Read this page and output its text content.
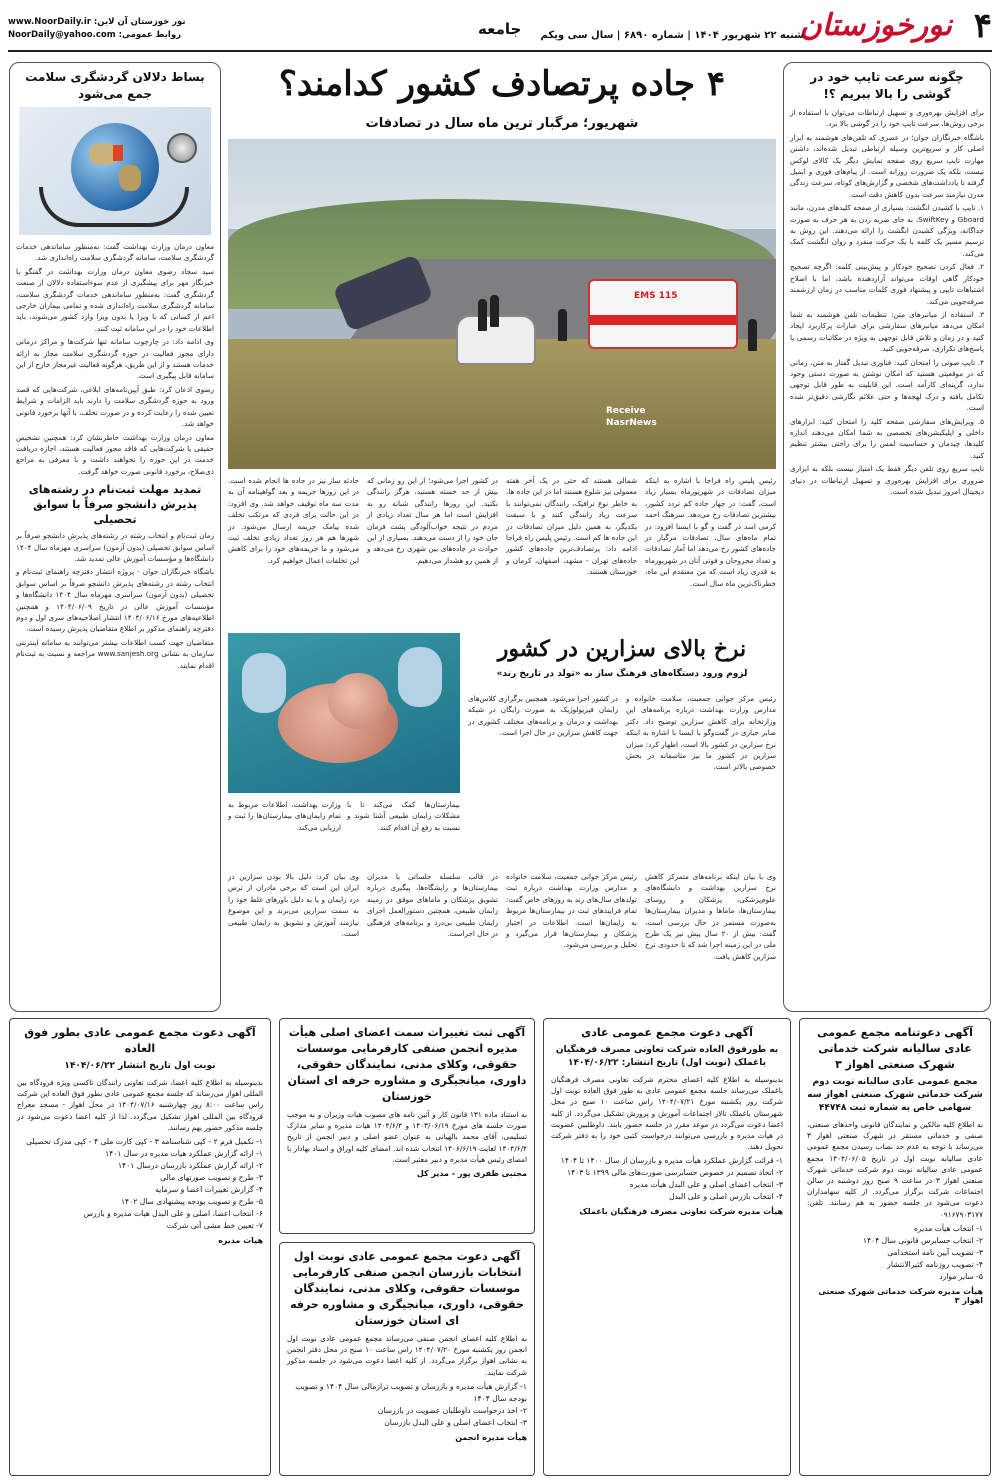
۴
نورخوزستان
شنبه ۲۲ شهریور ۱۴۰۴ | شماره ۶۸۹۰ | سال سی ویکم
جامعه
نور خوزستان آن لاین: www.NoorDaily.ir
روابط عمومی: NoorDaily@yahoo.com
چگونه سرعت تایپ خود در گوشی را بالا ببریم ؟!

برای افزایش بهره‌وری و تسهیل ارتباطات می‌توان با استفاده از برخی روش‌ها، سرعت تایپ خود را در گوشی بالا برد.

باشگاه خبرنگاران جوان؛ در عصری که تلفن‌های هوشمند به ابزار اصلی کار و سریع‌ترین وسیله ارتباطی تبدیل شده‌اند، داشتن مهارت تایپ سریع روی صفحه نمایش دیگر یک کالای لوکس نیست، بلکه یک ضرورت روزانه است. از پیام‌های فوری و ایمیل گرفته تا یادداشت‌های شخصی و گزارش‌های کوتاه، سرعت زندگی مدرن نیازمند سرعت بدون کاهش دقت است.

۱. تایپ با کشیدن انگشت: بسیاری از صفحه کلیدهای مدرن، مانند Gboard و SwiftKey، به جای ضربه زدن به هر حرف به صورت جداگانه، ویژگی کشیدن انگشت را ارائه می‌دهند. این روش به ترسیم مسیر یک کلمه با یک حرکت منفرد و روان انگشت کمک می‌کند.

۲. فعال کردن تصحیح خودکار و پیش‌بینی کلمه: اگرچه تصحیح خودکار گاهی اوقات می‌تواند آزاردهنده باشد، اما با اصلاح اشتباهات تایپی و پیشنهاد فوری کلمات مناسب در زمان ارزشمند صرفه‌جویی می‌کند.

۳. استفاده از میانبرهای متن: تنظیمات تلفن هوشمند به شما امکان می‌دهد میانبرهای سفارشی برای عبارات پرکاربرد ایجاد کنید و در زمان و تلاش قابل توجهی به ویژه در مکاتبات رسمی یا پاسخ‌های تکراری، صرفه‌جویی کنید.

۴. تایپ صوتی را امتحان کنید: فناوری تبدیل گفتار به متن، زمانی که در موقعیتی هستید که امکان نوشتن به صورت دستی وجود ندارد، گزینه‌ای کارآمد است. این قابلیت به طور قابل توجهی تکامل یافته و درک لهجه‌ها و حتی علائم نگارشی دقیق‌تر شده است.

۵. ویرایش‌های سفارشی صفحه کلید را امتحان کنید: ابزارهای داخلی و اپلیکیشن‌های تخصصی به شما امکان می‌دهند اندازه کلیدها، چیدمان و حساسیت لمس را برای راحتی بیشتر تنظیم کنید.

تایپ سریع روی تلفن دیگر فقط یک امتیاز نیست بلکه به ابزاری ضروری برای افزایش بهره‌وری و تسهیل ارتباطات در دنیای دیجیتال امروز تبدیل شده است.

بساط دلالان گردشگری سلامت جمع می‌شود

معاون درمان وزارت بهداشت گفت: به‌منظور ساماندهی خدمات گردشگری سلامت، سامانه گردشگری سلامت راه‌اندازی شد.

سید سجاد رضوی معاون درمان وزارت بهداشت در گفتگو با خبرنگار مهر برای پیشگیری از عدم سوءاستفاده دلالان از صنعت گردشگری گفت: به‌منظور ساماندهی خدمات گردشگری سلامت، سامانه گردشگری سلامت راه‌اندازی شده و تمامی بیماران خارجی اعم از کسانی که با ویزا یا بدون ویزا وارد کشور می‌شوند، باید اطلاعات خود را در این سامانه ثبت کنند.

وی ادامه داد: در چارچوب سامانه تنها شرکت‌ها و مراکز درمانی دارای مجوز فعالیت در حوزه گردشگری سلامت مجاز به ارائه خدمات هستند و از این طریق، هرگونه فعالیت غیرمجاز خارج از این سامانه قابل پیگیری است.

رضوی اذعان کرد: طبق آیین‌نامه‌های ابلاغی، شرکت‌هایی که قصد ورود به حوزه گردشگری سلامت را دارند باید الزامات و شرایط تعیین شده را رعایت کرده و در صورت تخلف، با آنها برخورد قانونی خواهد شد.

معاون درمان وزارت بهداشت خاطرنشان کرد: همچنین تشخیص حقیقی یا شرکت‌هایی که فاقد مجوز فعالیت هستند، اجازه دریافت خدمت در این حوزه را نخواهند داشت و با معرفی به مراجع ذی‌صلاح، برخورد قانونی صورت خواهد گرفت.

تمدید مهلت ثبت‌نام در رشته‌های پذیرش دانشجو صرفاً با سوابق تحصیلی

زمان ثبت‌نام و انتخاب رشته در رشته‌های پذیرش دانشجو صرفاً بر اساس سوابق تحصیلی (بدون آزمون) سراسری مهرماه سال ۱۴۰۴ دانشگاه‌ها و مؤسسات آموزش عالی تمدید شد.

باشگاه خبرنگاران جوان - پروژه انتشار دفترچه راهنمای ثبت‌نام و انتخاب رشته در رشته‌های پذیرش دانشجو صرفاً بر اساس سوابق تحصیلی (بدون آزمون) سراسری مهرماه سال ۱۴۰۴ دانشگاه‌ها و مؤسسات آموزش عالی در تاریخ ۱۴۰۴/۰۶/۰۹ و همچنین اطلاعیه‌های مورخ ۱۴۰۴/۰۶/۱۶ انتشار اصلاحیه‌های سری اول و دوم دفترچه راهنمای مذکور بر اطلاع متقاضیان پذیرش رسیده است.

متقاضیان جهت کسب اطلاعات بیشتر می‌توانند به سامانه اینترنتی سازمان به نشانی www.sanjesh.org مراجعه و نسبت به ثبت‌نام اقدام نمایند.

۴ جاده پرتصادف کشور کدامند؟
شهریور؛ مرگبار ترین ماه سال در تصادفات
EMS 115
Receive
NasrNews
رئیس پلیس راه فراجا با اشاره به اینکه میزان تصادفات در شهریورماه بسیار زیاد است، گفت: در چهار جاده کم تردد کشور، بیشترین تصادفات رخ می‌دهد. سرهنگ احمد کرمی اسد در گفت و گو با ایسنا افزود: در تمام ماه‌های سال، تصادفات مرگبار در جاده‌های کشور رخ می‌دهد اما آمار تصادفات و تعداد مجروحان و فوتی آنان در شهریورماه به قدری زیاد است که من معتقدم این ماه، خطرناک‌ترین ماه سال است.
شمالی هستند که حتی در یک آخر هفته معمولی نیز شلوغ هستند اما در این جاده ها، به خاطر نوع ترافیک، رانندگان نمی‌توانند با سرعت زیاد رانندگی کنند و با سبقت یکدیگر، به همین دلیل میزان تصادفات در این جاده ها کم است. رئیس پلیس راه فراجا ادامه داد: پرتصادف‌ترین جاده‌های کشور جاده‌های تهران - مشهد، اصفهان، کرمان و خوزستان هستند.
در کشور اجرا می‌شود؛ از این رو زمانی که بیش از حد خسته هستید، هرگز رانندگی نکنید. این روزها رانندگی شبانه رو به افزایش است اما هر سال تعداد زیادی از مردم در نتیجه خواب‌آلودگی پشت فرمان جان خود را از دست می‌دهند. بسیاری از این حوادث در جاده‌های بین شهری رخ می‌دهد و از همین رو هشدار می‌دهیم.
حادثه ساز نیز در جاده ها انجام شده است. در این روزها جریمه و بعد گواهینامه آن به مدت سه ماه توقیف خواهد شد. وی افزود: در این حالت برای فردی که مرتکب تخلف شده پیامک جریمه ارسال می‌شود. در شهرها هم هر روز تعداد زیادی تخلف ثبت می‌شود و ما جریمه‌های خود را برای کاهش این تخلفات اعمال خواهیم کرد.
نرخ بالای سزارین در کشور
لزوم ورود دستگاه‌های فرهنگ ساز به «تولد در تاریخ رند»
رئیس مرکز جوانی جمعیت، سلامت خانواده و مدارس وزارت بهداشت درباره برنامه‌های این وزارتخانه برای کاهش سزارین توضیح داد. دکتر صابر جباری در گفت‌وگو با ایسنا با اشاره به اینکه نرخ سزارین در کشور بالا است، اظهار کرد: میزان سزارین در کشور ما نیز متاسفانه در بخش خصوصی بالاتر است.
در کشور اجرا می‌شود. همچنین برگزاری کلاس‌های زایمان فیزیولوژیک به صورت رایگان در شبکه بهداشت و درمان و برنامه‌های مختلف کشوری در جهت کاهش سزارین در حال اجرا است.
بیمارستان‌ها کمک می‌کند تا با مشکلات زایمان طبیعی آشنا شوند و نسبت به رفع آن اقدام کنند.
وزارت بهداشت، اطلاعات مربوط به تمام زایمان‌های بیمارستان‌ها را ثبت و ارزیابی می‌کند.
وی با بیان اینکه برنامه‌های متمرکز کاهش نرخ سزارین بهداشت و دانشگاه‌های علوم‌پزشکی، پزشکان و روسای بیمارستان‌ها، ماماها و مدیران بیمارستان‌ها به‌صورت مستمر در حال بررسی است، گفت: بیش از ۲۰ سال پیش نیز یک طرح ملی در این زمینه اجرا شد که تا حدودی نرخ سزارین کاهش یافت.
رئیس مرکز جوانی جمعیت، سلامت خانواده و مدارس وزارت بهداشت درباره ثبت تولدهای سال‌های رند به روزهای خاص گفت: تمام فرایندهای ثبت در بیمارستان‌ها مربوط به زایمان‌ها است. اطلاعات در اختیار پزشکان و بیمارستان‌ها قرار می‌گیرد و تحلیل و بررسی می‌شود.
در قالب سلسله جلساتی با مدیران بیمارستان‌ها و زایشگاه‌ها، پیگیری درباره تشویق پزشکان و ماماهای موفق در زمینه زایمان طبیعی، همچنین دستورالعمل اجرای زایمان طبیعی بی‌درد و برنامه‌های فرهنگی در حال اجراست.
وی بیان کرد: دلیل بالا بودن سزارین در ایران این است که برخی مادران از ترس درد زایمان و یا به دلیل باورهای غلط خود را به سمت سزارین می‌برند و این موضوع نیازمند آموزش و تشویق به زایمان طبیعی است.
آگهی دعوتنامه مجمع عمومی عادی سالیانه شرکت خدماتی شهرک صنعتی اهواز ۳
مجمع عمومی عادی سالیانه نوبت دوم شرکت خدماتی شهرک صنعتی اهواز سه سهامی خاص به شماره ثبت ۴۴۷۴۸
به اطلاع کلیه مالکین و نمایندگان قانونی واحدهای صنعتی، صنفی و خدماتی مستقر در شهرک صنعتی اهواز ۳ می‌رساند با توجه به عدم حد نصاب رسیدن مجمع عمومی عادی سالیانه نوبت اول در تاریخ ۱۴۰۴/۰۶/۰۵ مجمع عمومی عادی سالیانه نوبت دوم شرکت خدماتی شهرک صنعتی اهواز ۳ در ساعت ۹ صبح روز دوشنبه در سالن اجتماعات شرکت برگزار می‌گردد. از کلیه سهامداران دعوت می‌شود در جلسه حضور به هم رسانند. تلفن: ۰۹۱۶۷۹۰۳۱۷۷
۱- انتخاب هیأت مدیره
۲- انتخاب حسابرس قانونی سال ۱۴۰۴
۳- تصویب آیین نامه استخدامی
۴- تصویب روزنامه کثیرالانتشار
۵- سایر موارد
هیأت مدیره شرکت خدماتی شهرک صنعتی اهواز ۳
آگهی دعوت مجمع عمومی عادی
به طورفوق العاده شرکت تعاونی مصرف فرهنگیان باغملک (نوبت اول) تاریخ انتشار: ۱۴۰۴/۰۶/۲۲
بدینوسیله به اطلاع کلیه اعضای محترم شرکت تعاونی مصرف فرهنگیان باغملک می‌رساند جلسه مجمع عمومی عادی به طور فوق العاده نوبت اول شرکت روز یکشنبه مورخ ۱۴۰۴/۰۷/۲۱ راس ساعت ۱۰ صبح در محل شهرستان باغملک تالار اجتماعات آموزش و پرورش تشکیل می‌گردد. از کلیه اعضا دعوت می‌گردد در موعد مقرر در جلسه حضور یابند. داوطلبین عضویت در هیأت مدیره و بازرسی می‌توانند درخواست کتبی خود را به دفتر شرکت تحویل دهند.
۱- قرائت گزارش عملکرد هیأت مدیره و بازرسان از سال ۱۴۰۰ تا ۱۴۰۴
۲- اتخاذ تصمیم در خصوص حسابرسی صورت‌های مالی ۱۳۹۹ تا ۱۴۰۳
۳- انتخاب اعضای اصلی و علی البدل هیأت مدیره
۴- انتخاب بازرس اصلی و علی البدل
هیأت مدیره شرکت تعاونی مصرف فرهنگیان باغملک
آگهی ثبت تغییرات سمت اعضای اصلی هیأت مدیره انجمن صنفی کارفرمایی موسسات حقوقی، وکلای مدنی، نمایندگان حقوقی، داوری، میانجیگری و مشاوره حرفه ای استان خوزستان
به استناد ماده ۱۳۱ قانون کار و آئین نامه های مصوب هیات وزیران و به موجب صورت جلسه های مورخ ۱۴۰۳/۰۶/۱۹ و ۱۴۰۴/۶/۴ هیات مدیره و سایر مدارک تسلیمی، آقای محمد بالهیانی به عنوان عضو اصلی و دبیر انجمن از تاریخ ۱۴۰۴/۶/۴ لغایت ۱۴۰۶/۶/۱۹ انتخاب شده اند. امضای کلیه اوراق و اسناد بهادار با امضای رئیس هیأت مدیره و دبیر معتبر است.
مجتبی ظفری پور - مدیر کل
آگهی دعوت مجمع عمومی عادی نوبت اول انتخابات بازرسان انجمن صنفی کارفرمایی موسسات حقوقی، وکلای مدنی، نمایندگان حقوقی، داوری، میانجیگری و مشاوره حرفه ای استان خوزستان
به اطلاع کلیه اعضای انجمن صنفی می‌رساند مجمع عمومی عادی نوبت اول انجمن روز یکشنبه مورخ ۱۴۰۴/۰۷/۲۰ راس ساعت ۱۰ صبح در محل دفتر انجمن به نشانی اهواز برگزار می‌گردد. از کلیه اعضا دعوت می‌شود در جلسه مذکور شرکت نمایند.
۱- گزارش هیأت مدیره و بازرسان و تصویب ترازمالی سال ۱۴۰۴ و تصویب بودجه سال ۱۴۰۴
۲- اخذ درخواست داوطلبان عضویت در بازرسان
۳- انتخاب اعضای اصلی و علی البدل بازرسان
هیأت مدیره انجمن
آگهی دعوت مجمع عمومی عادی بطور فوق العاده
نوبت اول تاریخ انتشار ۱۴۰۴/۰۶/۲۲
بدینوسیله به اطلاع کلیه اعضا، شرکت تعاونی رانندگان تاکسی ویژه فرودگاه بین المللی اهواز می‌رساند که جلسه مجمع عمومی عادی بطور فوق العاده این شرکت راس ساعت ۸:۰۰ روز چهارشنبه ۱۴۰۴/۰۷/۱۶ در محل اهواز - مسجد معراج فرودگاه بین المللی اهواز تشکیل می‌گردد. لذا از کلیه اعضا دعوت می‌شود در جلسه مذکور حضور بهم رسانند.
۱- تکمیل فرم ۲ - کپی شناسنامه ۳ - کپی کارت ملی ۴ - کپی مدرک تحصیلی
۱- ارائه گزارش عملکرد هیات مدیره در سال ۱۴۰۱
۲- ارائه گزارش عملکرد بازرسان درسال ۱۴۰۱
۳- طرح و تصویب صورتهای مالی
۴- گزارش تغییرات اعضا و سرمایه
۵- طرح و تصویب بودجه پیشنهادی سال ۱۴۰۲
۶- انتخاب اعضا، اصلی و علی البدل هیات مدیره و بازرس
۷- تعیین خط مشی آتی شرکت
هیات مدیره
